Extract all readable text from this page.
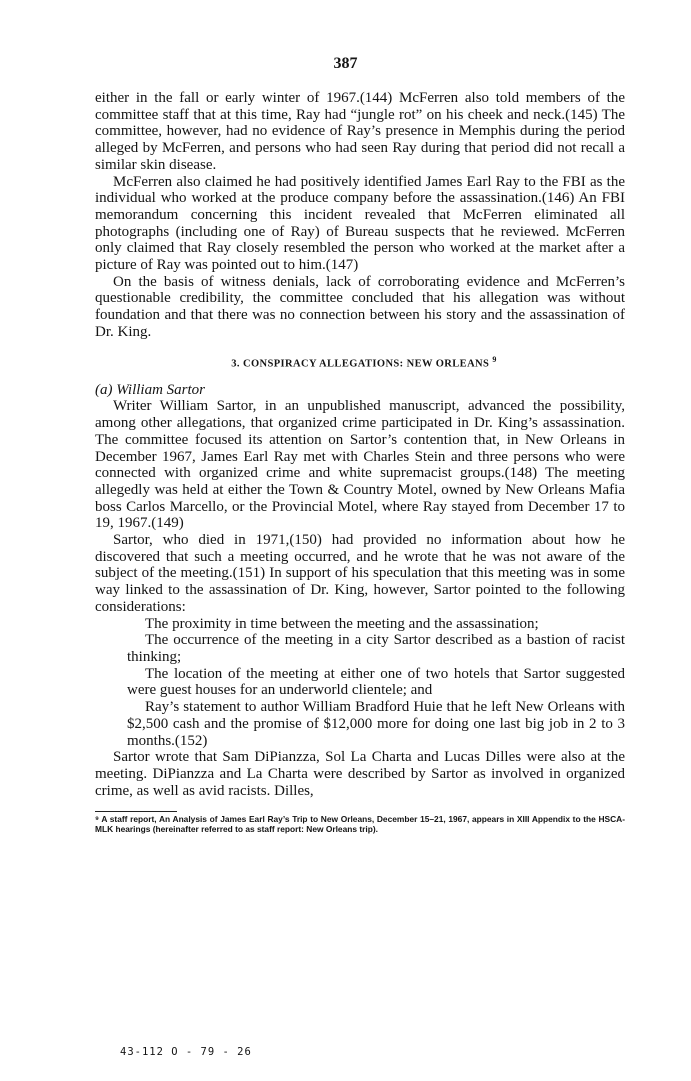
387

either in the fall or early winter of 1967.(144) McFerren also told members of the committee staff that at this time, Ray had “jungle rot” on his cheek and neck.(145) The committee, however, had no evidence of Ray’s presence in Memphis during the period alleged by McFerren, and persons who had seen Ray during that period did not recall a similar skin disease.

McFerren also claimed he had positively identified James Earl Ray to the FBI as the individual who worked at the produce company before the assassination.(146) An FBI memorandum concerning this incident revealed that McFerren eliminated all photographs (including one of Ray) of Bureau suspects that he reviewed. McFerren only claimed that Ray closely resembled the person who worked at the market after a picture of Ray was pointed out to him.(147)

On the basis of witness denials, lack of corroborating evidence and McFerren’s questionable credibility, the committee concluded that his allegation was without foundation and that there was no connection between his story and the assassination of Dr. King.

3. CONSPIRACY ALLEGATIONS: NEW ORLEANS $^9$

(a) William Sartor

Writer William Sartor, in an unpublished manuscript, advanced the possibility, among other allegations, that organized crime participated in Dr. King’s assassination. The committee focused its attention on Sartor’s contention that, in New Orleans in December 1967, James Earl Ray met with Charles Stein and three persons who were connected with organized crime and white supremacist groups.(148) The meeting allegedly was held at either the Town & Country Motel, owned by New Orleans Mafia boss Carlos Marcello, or the Provincial Motel, where Ray stayed from December 17 to 19, 1967.(149)

Sartor, who died in 1971,(150) had provided no information about how he discovered that such a meeting occurred, and he wrote that he was not aware of the subject of the meeting.(151) In support of his speculation that this meeting was in some way linked to the assassination of Dr. King, however, Sartor pointed to the following considerations:

The proximity in time between the meeting and the assassination;

The occurrence of the meeting in a city Sartor described as a bastion of racist thinking;

The location of the meeting at either one of two hotels that Sartor suggested were guest houses for an underworld clientele; and

Ray’s statement to author William Bradford Huie that he left New Orleans with $2,500 cash and the promise of $12,000 more for doing one last big job in 2 to 3 months.(152)

Sartor wrote that Sam DiPianzza, Sol La Charta and Lucas Dilles were also at the meeting. DiPianzza and La Charta were described by Sartor as involved in organized crime, as well as avid racists. Dilles,

⁹ A staff report, An Analysis of James Earl Ray’s Trip to New Orleans, December 15–21, 1967, appears in XIII Appendix to the HSCA-MLK hearings (hereinafter referred to as staff report: New Orleans trip).

43-112 O - 79 - 26
